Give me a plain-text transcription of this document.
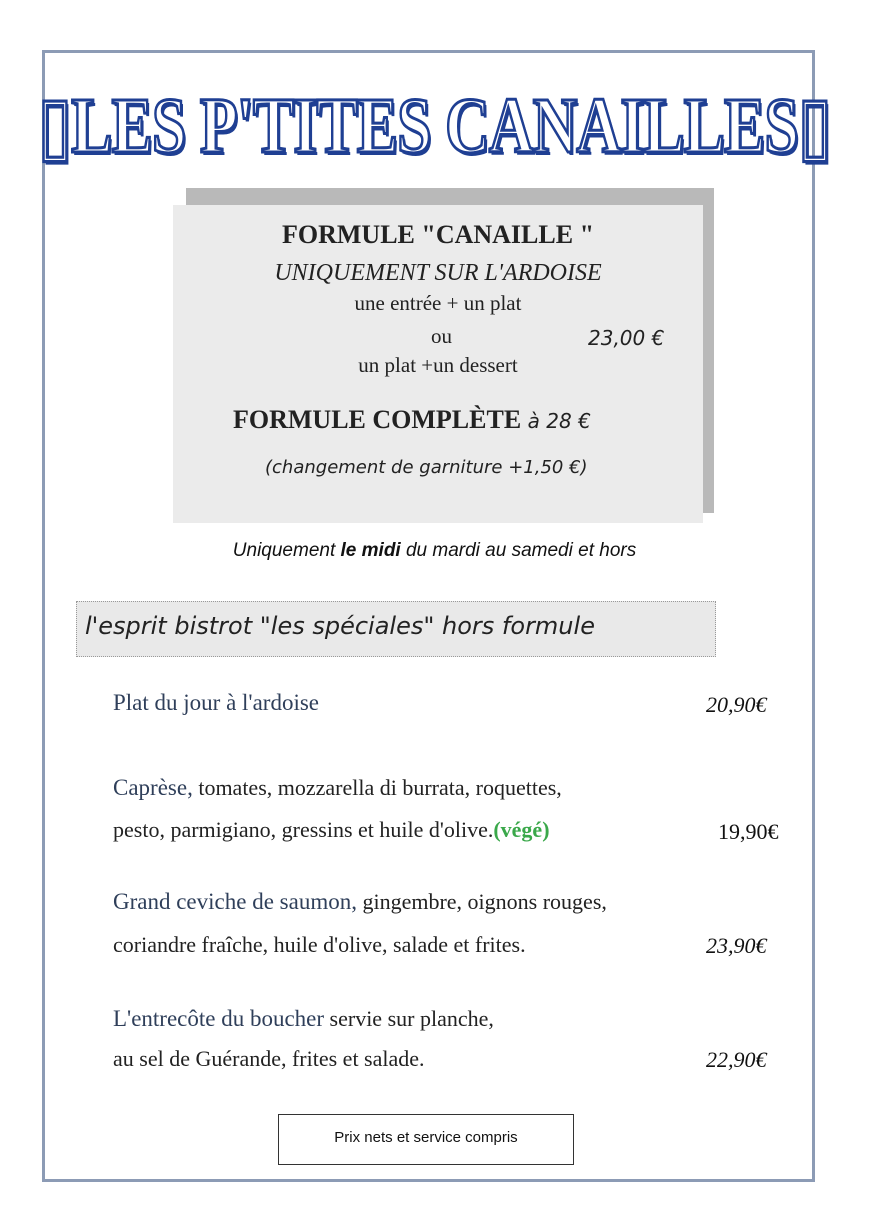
▯LES P'TITES CANAILLES▯
FORMULE "CANAILLE "
UNIQUEMENT SUR L'ARDOISE
une entrée + un plat
ou	23,00 €
un plat +un dessert
FORMULE COMPLÈTE à 28 €
(changement de garniture +1,50 €)
Uniquement le midi du mardi au samedi et hors
l'esprit bistrot "les spéciales" hors formule
Plat du jour à l'ardoise	20,90€
Caprèse, tomates, mozzarella di burrata, roquettes,
pesto, parmigiano, gressins et huile d'olive.(végé)	19,90€
Grand ceviche de saumon, gingembre, oignons rouges,
coriandre fraîche, huile d'olive, salade et frites.	23,90€
L'entrecôte du boucher servie sur planche,
au sel de Guérande, frites et salade.	22,90€
Prix nets et service compris
